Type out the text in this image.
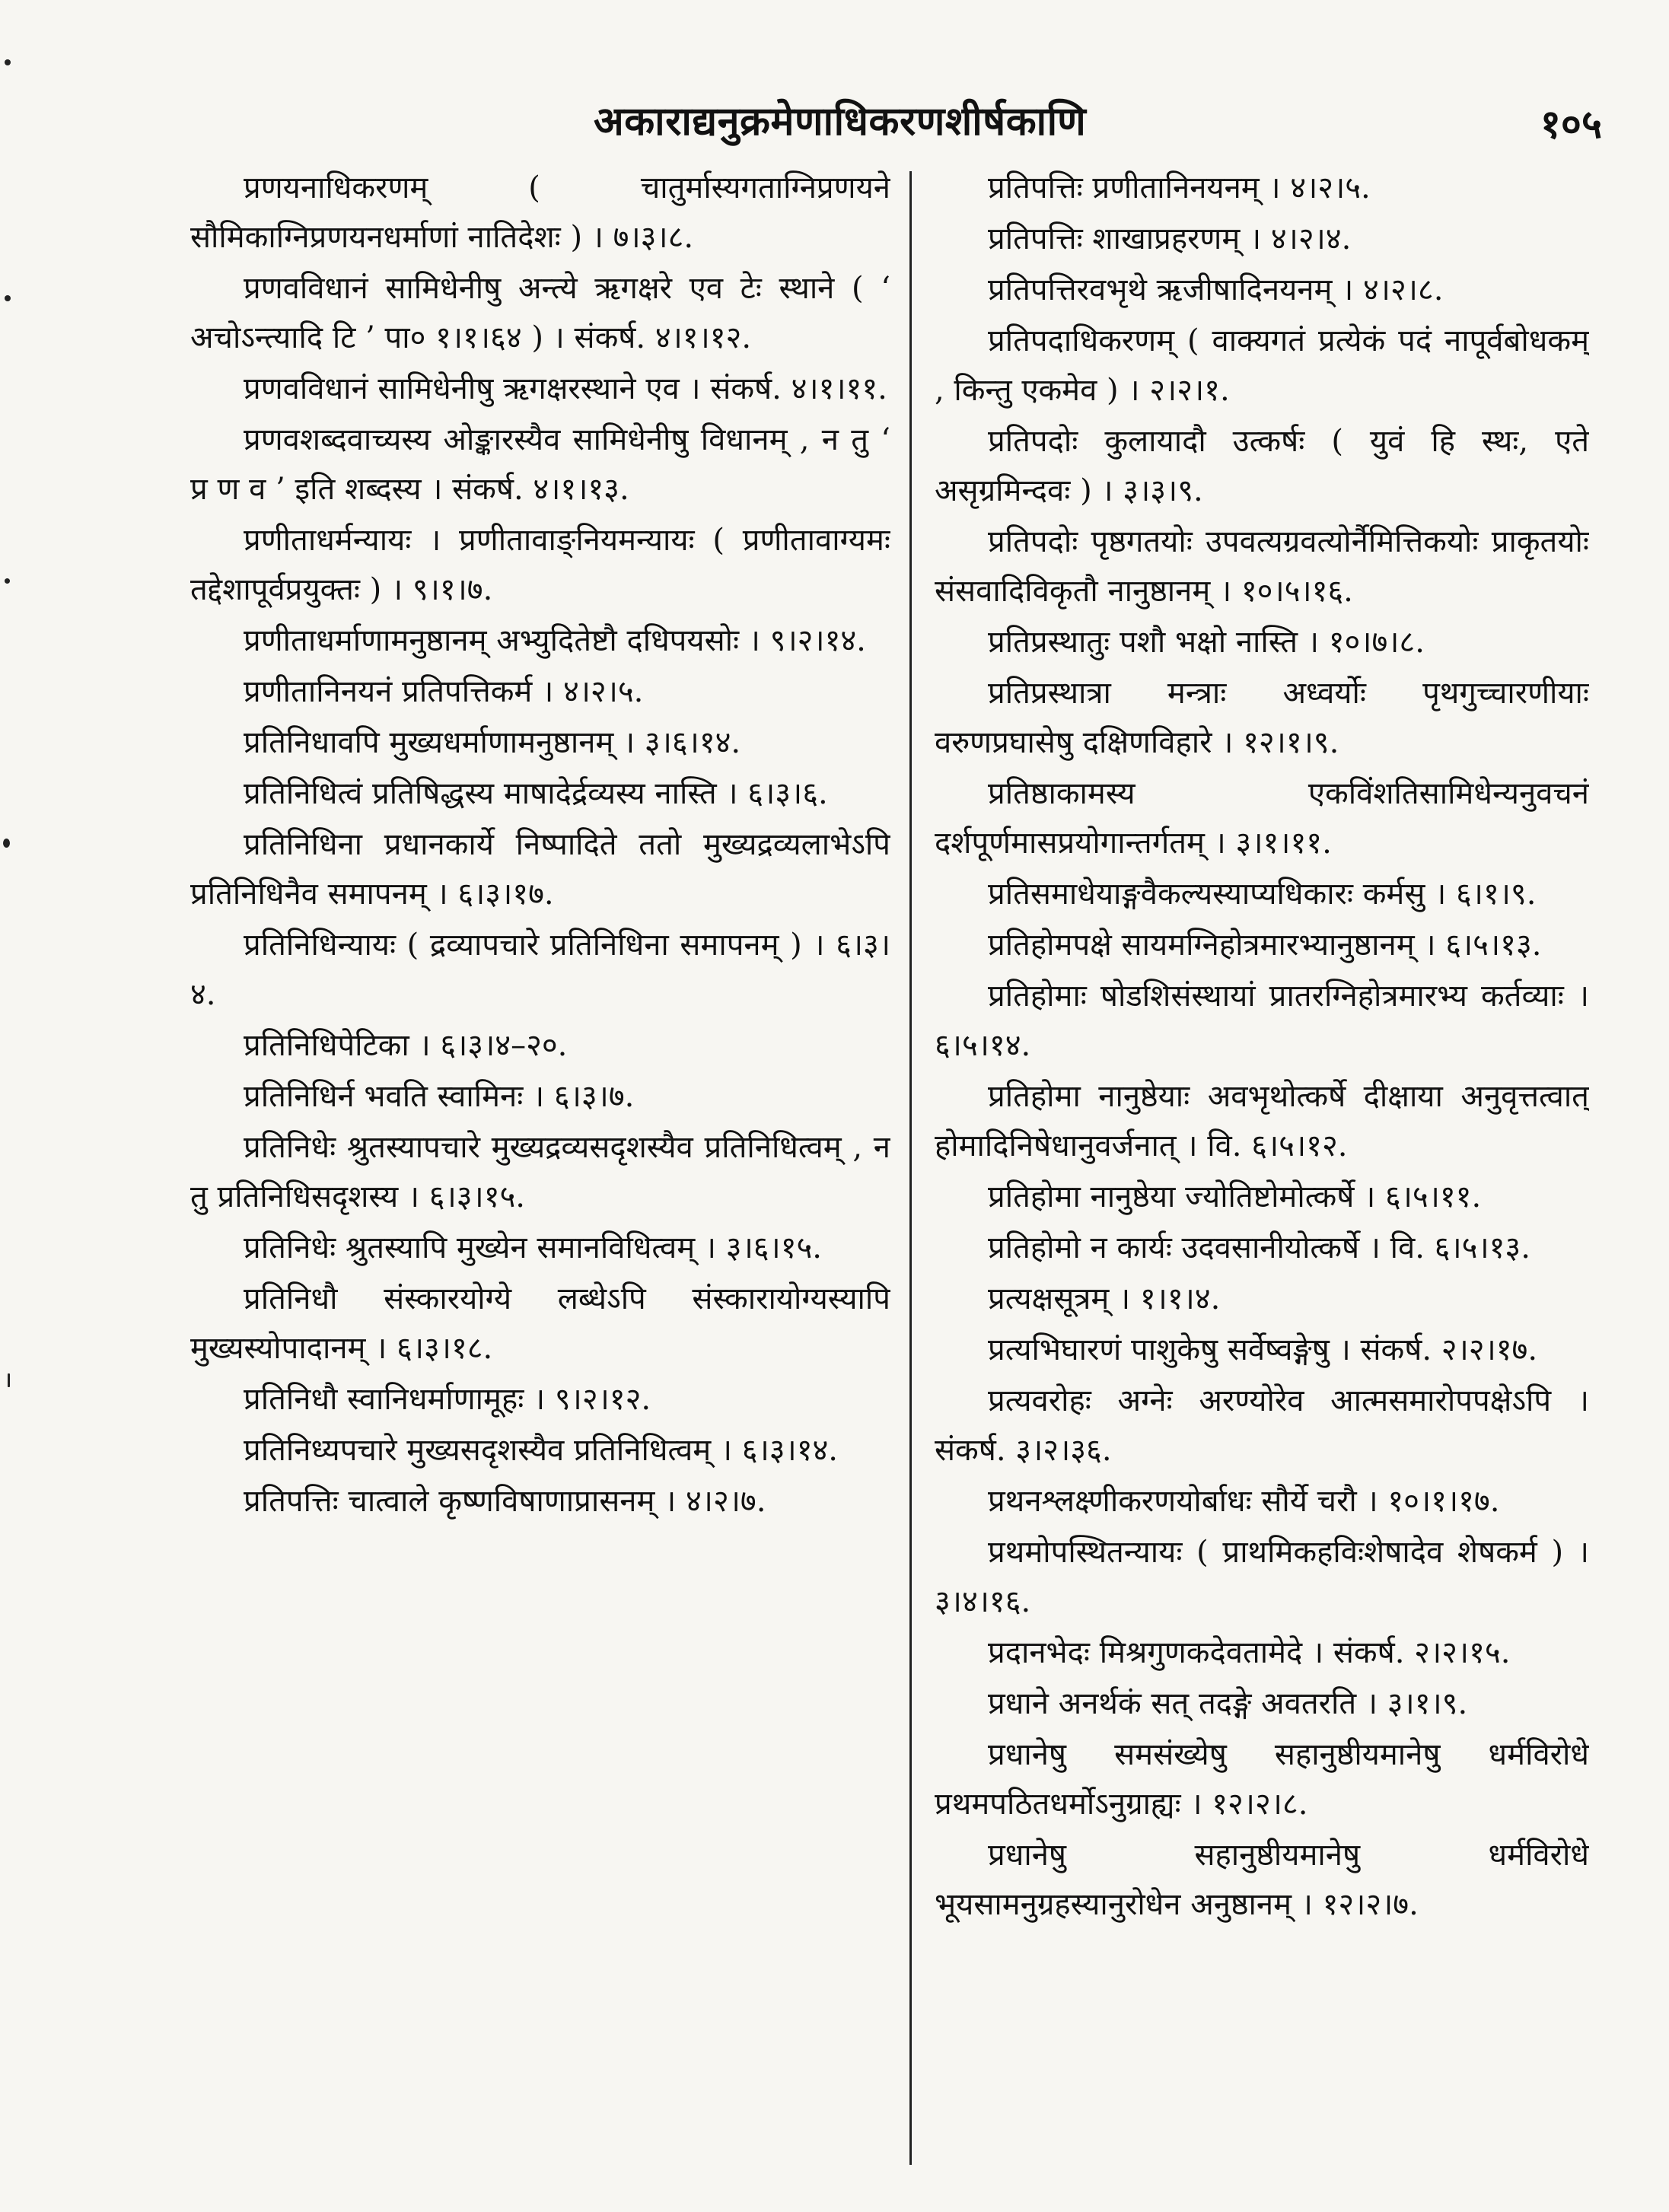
अकाराद्यनुक्रमेणाधिकरणशीर्षकाणि	१०५

प्रणयनाधिकरणम् ( चातुर्मास्यगताग्निप्रणयने सौमिकाग्निप्रणयनधर्माणां नातिदेशः ) । ७।३।८.

प्रणवविधानं सामिधेनीषु अन्त्ये ऋगक्षरे एव टेः स्थाने ( ‘ अचोऽन्त्यादि टि ’ पा० १।१।६४ ) । संकर्ष. ४।१।१२.

प्रणवविधानं सामिधेनीषु ऋगक्षरस्थाने एव । संकर्ष. ४।१।११.

प्रणवशब्दवाच्यस्य ओङ्कारस्यैव सामिधेनीषु विधानम् , न तु ‘ प्र ण व ’ इति शब्दस्य । संकर्ष. ४।१।१३.

प्रणीताधर्मन्यायः । प्रणीतावाङ्नियमन्यायः ( प्रणीतावाग्यमः तद्देशापूर्वप्रयुक्तः ) । ९।१।७.

प्रणीताधर्माणामनुष्ठानम् अभ्युदितेष्टौ दधिपयसोः । ९।२।१४.

प्रणीतानिनयनं प्रतिपत्तिकर्म । ४।२।५.

प्रतिनिधावपि मुख्यधर्माणामनुष्ठानम् । ३।६।१४.

प्रतिनिधित्वं प्रतिषिद्धस्य माषादेर्द्रव्यस्य नास्ति । ६।३।६.

प्रतिनिधिना प्रधानकार्ये निष्पादिते ततो मुख्यद्रव्यलाभेऽपि प्रतिनिधिनैव समापनम् । ६।३।१७.

प्रतिनिधिन्यायः ( द्रव्यापचारे प्रतिनिधिना समापनम् ) । ६।३।४.

प्रतिनिधिपेटिका । ६।३।४–२०.

प्रतिनिधिर्न भवति स्वामिनः । ६।३।७.

प्रतिनिधेः श्रुतस्यापचारे मुख्यद्रव्यसदृशस्यैव प्रतिनिधित्वम् , न तु प्रतिनिधिसदृशस्य । ६।३।१५.

प्रतिनिधेः श्रुतस्यापि मुख्येन समानविधित्वम् । ३।६।१५.

प्रतिनिधौ संस्कारयोग्ये लब्धेऽपि संस्कारायोग्यस्यापि मुख्यस्योपादानम् । ६।३।१८.

प्रतिनिधौ स्वानिधर्माणामूहः । ९।२।१२.

प्रतिनिध्यपचारे मुख्यसदृशस्यैव प्रतिनिधित्वम् । ६।३।१४.

प्रतिपत्तिः चात्वाले कृष्णविषाणाप्रासनम् । ४।२।७.

प्रतिपत्तिः प्रणीतानिनयनम् । ४।२।५.

प्रतिपत्तिः शाखाप्रहरणम् । ४।२।४.

प्रतिपत्तिरवभृथे ऋजीषादिनयनम् । ४।२।८.

प्रतिपदाधिकरणम् ( वाक्यगतं प्रत्येकं पदं नापूर्वबोधकम् , किन्तु एकमेव ) । २।२।१.

प्रतिपदोः कुलायादौ उत्कर्षः ( युवं हि स्थः, एते असृग्रमिन्दवः ) । ३।३।९.

प्रतिपदोः पृष्ठगतयोः उपवत्यग्रवत्योर्नैमित्तिकयोः प्राकृतयोः संसवादिविकृतौ नानुष्ठानम् । १०।५।१६.

प्रतिप्रस्थातुः पशौ भक्षो नास्ति । १०।७।८.

प्रतिप्रस्थात्रा मन्त्राः अध्वर्योः पृथगुच्चारणीयाः वरुणप्रघासेषु दक्षिणविहारे । १२।१।९.

प्रतिष्ठाकामस्य एकविंशतिसामिधेन्यनुवचनं दर्शपूर्णमासप्रयोगान्तर्गतम् । ३।१।११.

प्रतिसमाधेयाङ्गवैकल्यस्याप्यधिकारः कर्मसु । ६।१।९.

प्रतिहोमपक्षे सायमग्निहोत्रमारभ्यानुष्ठानम् । ६।५।१३.

प्रतिहोमाः षोडशिसंस्थायां प्रातरग्निहोत्रमारभ्य कर्तव्याः । ६।५।१४.

प्रतिहोमा नानुष्ठेयाः अवभृथोत्कर्षे दीक्षाया अनुवृत्तत्वात् होमादिनिषेधानुवर्जनात् । वि. ६।५।१२.

प्रतिहोमा नानुष्ठेया ज्योतिष्टोमोत्कर्षे । ६।५।११.

प्रतिहोमो न कार्यः उदवसानीयोत्कर्षे । वि. ६।५।१३.

प्रत्यक्षसूत्रम् । १।१।४.

प्रत्यभिघारणं पाशुकेषु सर्वेष्वङ्गेषु । संकर्ष. २।२।१७.

प्रत्यवरोहः अग्नेः अरण्योरेव आत्मसमारोपपक्षेऽपि । संकर्ष. ३।२।३६.

प्रथनश्लक्ष्णीकरणयोर्बाधः सौर्ये चरौ । १०।१।१७.

प्रथमोपस्थितन्यायः ( प्राथमिकहविःशेषादेव शेषकर्म ) । ३।४।१६.

प्रदानभेदः मिश्रगुणकदेवतामेदे । संकर्ष. २।२।१५.

प्रधाने अनर्थकं सत् तदङ्गे अवतरति । ३।१।९.

प्रधानेषु समसंख्येषु सहानुष्ठीयमानेषु धर्मविरोधे प्रथमपठितधर्मोऽनुग्राह्यः । १२।२।८.

प्रधानेषु सहानुष्ठीयमानेषु धर्मविरोधे भूयसामनुग्रहस्यानुरोधेन अनुष्ठानम् । १२।२।७.
